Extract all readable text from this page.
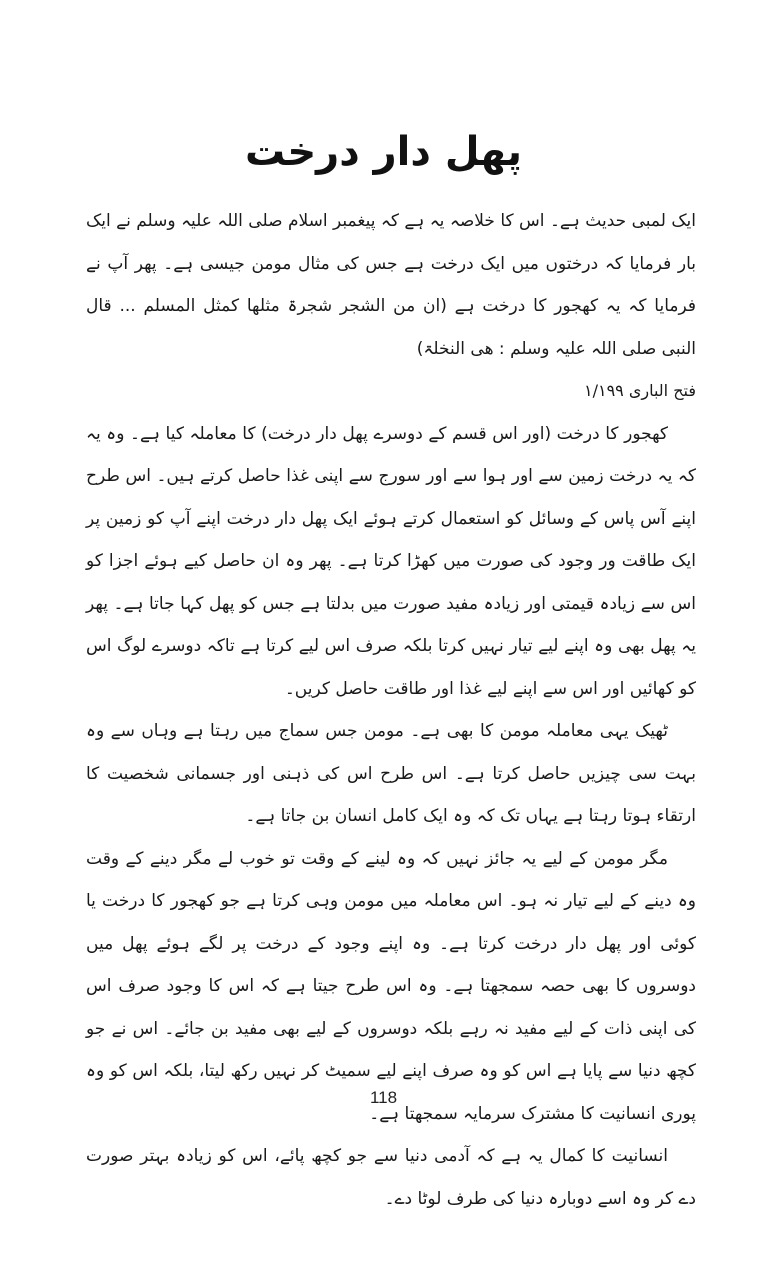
پھل دار درخت

ایک لمبی حدیث ہے۔ اس کا خلاصہ یہ ہے کہ پیغمبر اسلام صلی اللہ علیہ وسلم نے ایک بار فرمایا کہ درختوں میں ایک درخت ہے جس کی مثال مومن جیسی ہے۔ پھر آپ نے فرمایا کہ یہ کھجور کا درخت ہے (ان من الشجر شجرۃ مثلھا کمثل المسلم ... قال النبی صلی اللہ علیہ وسلم : ھی النخلۃ)

فتح الباری ۱/۱۹۹

کھجور کا درخت (اور اس قسم کے دوسرے پھل دار درخت) کا معاملہ کیا ہے۔ وہ یہ کہ یہ درخت زمین سے اور ہوا سے اور سورج سے اپنی غذا حاصل کرتے ہیں۔ اس طرح اپنے آس پاس کے وسائل کو استعمال کرتے ہوئے ایک پھل دار درخت اپنے آپ کو زمین پر ایک طاقت ور وجود کی صورت میں کھڑا کرتا ہے۔ پھر وہ ان حاصل کیے ہوئے اجزا کو اس سے زیادہ قیمتی اور زیادہ مفید صورت میں بدلتا ہے جس کو پھل کہا جاتا ہے۔ پھر یہ پھل بھی وہ اپنے لیے تیار نہیں کرتا بلکہ صرف اس لیے کرتا ہے تاکہ دوسرے لوگ اس کو کھائیں اور اس سے اپنے لیے غذا اور طاقت حاصل کریں۔

ٹھیک یہی معاملہ مومن کا بھی ہے۔ مومن جس سماج میں رہتا ہے وہاں سے وہ بہت سی چیزیں حاصل کرتا ہے۔ اس طرح اس کی ذہنی اور جسمانی شخصیت کا ارتقاء ہوتا رہتا ہے یہاں تک کہ وہ ایک کامل انسان بن جاتا ہے۔

مگر مومن کے لیے یہ جائز نہیں کہ وہ لینے کے وقت تو خوب لے مگر دینے کے وقت وہ دینے کے لیے تیار نہ ہو۔ اس معاملہ میں مومن وہی کرتا ہے جو کھجور کا درخت یا کوئی اور پھل دار درخت کرتا ہے۔ وہ اپنے وجود کے درخت پر لگے ہوئے پھل میں دوسروں کا بھی حصہ سمجھتا ہے۔ وہ اس طرح جیتا ہے کہ اس کا وجود صرف اس کی اپنی ذات کے لیے مفید نہ رہے بلکہ دوسروں کے لیے بھی مفید بن جائے۔ اس نے جو کچھ دنیا سے پایا ہے اس کو وہ صرف اپنے لیے سمیٹ کر نہیں رکھ لیتا، بلکہ اس کو وہ پوری انسانیت کا مشترک سرمایہ سمجھتا ہے۔

انسانیت کا کمال یہ ہے کہ آدمی دنیا سے جو کچھ پائے، اس کو زیادہ بہتر صورت دے کر وہ اسے دوبارہ دنیا کی طرف لوٹا دے۔

118
